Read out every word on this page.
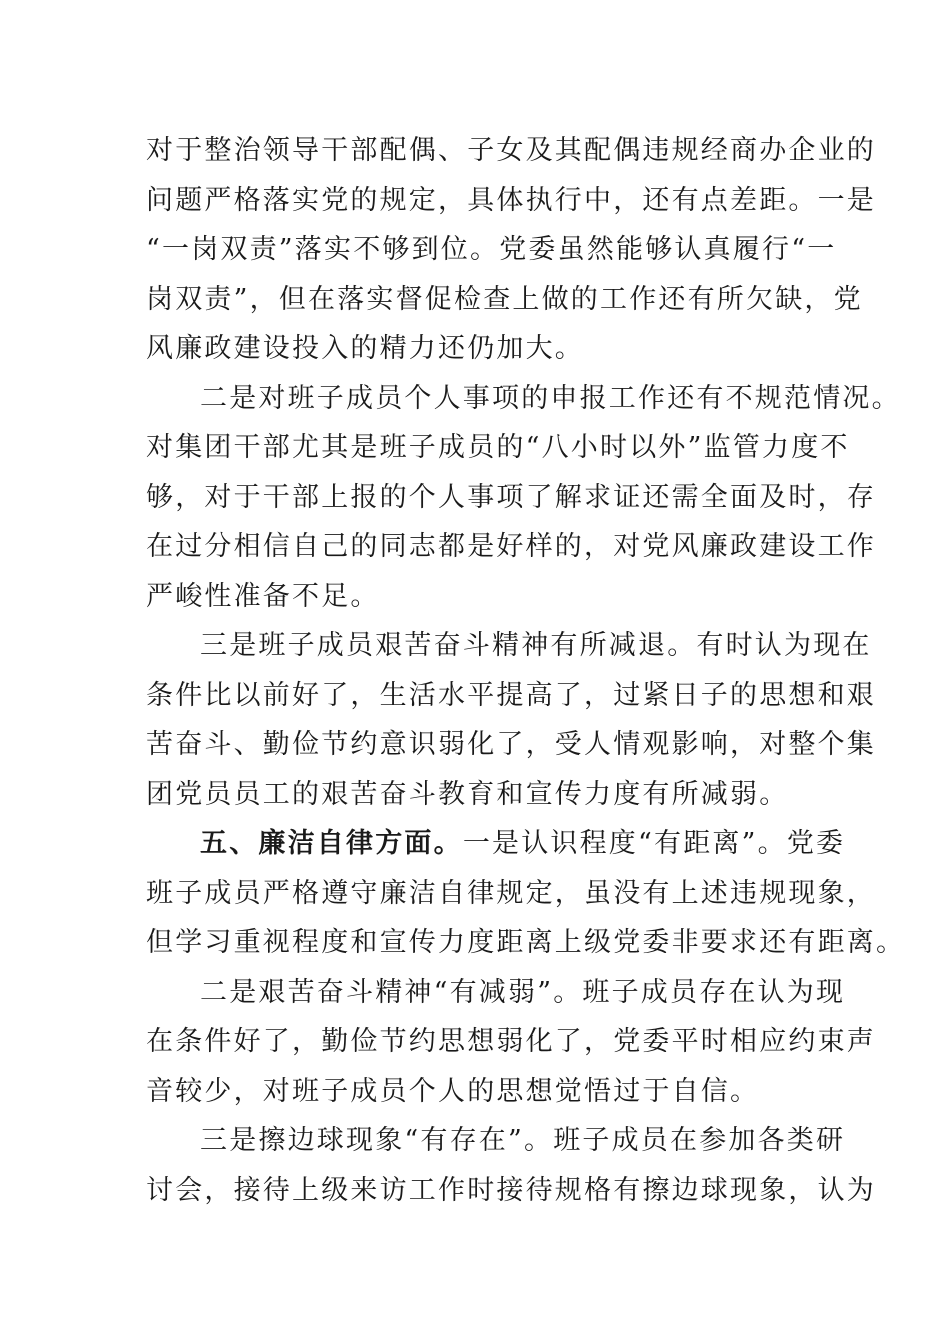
对于整治领导干部配偶、子女及其配偶违规经商办企业的
问题严格落实党的规定，具体执行中，还有点差距。一是
“一岗双责”落实不够到位。党委虽然能够认真履行“一
岗双责”，但在落实督促检查上做的工作还有所欠缺，党
风廉政建设投入的精力还仍加大。
二是对班子成员个人事项的申报工作还有不规范情况。
对集团干部尤其是班子成员的“八小时以外”监管力度不
够，对于干部上报的个人事项了解求证还需全面及时，存
在过分相信自己的同志都是好样的，对党风廉政建设工作
严峻性准备不足。
三是班子成员艰苦奋斗精神有所减退。有时认为现在
条件比以前好了，生活水平提高了，过紧日子的思想和艰
苦奋斗、勤俭节约意识弱化了，受人情观影响，对整个集
团党员员工的艰苦奋斗教育和宣传力度有所减弱。
五、廉洁自律方面。一是认识程度“有距离”。党委
班子成员严格遵守廉洁自律规定，虽没有上述违规现象，
但学习重视程度和宣传力度距离上级党委非要求还有距离。
二是艰苦奋斗精神“有减弱”。班子成员存在认为现
在条件好了，勤俭节约思想弱化了，党委平时相应约束声
音较少，对班子成员个人的思想觉悟过于自信。
三是擦边球现象“有存在”。班子成员在参加各类研
讨会，接待上级来访工作时接待规格有擦边球现象，认为
